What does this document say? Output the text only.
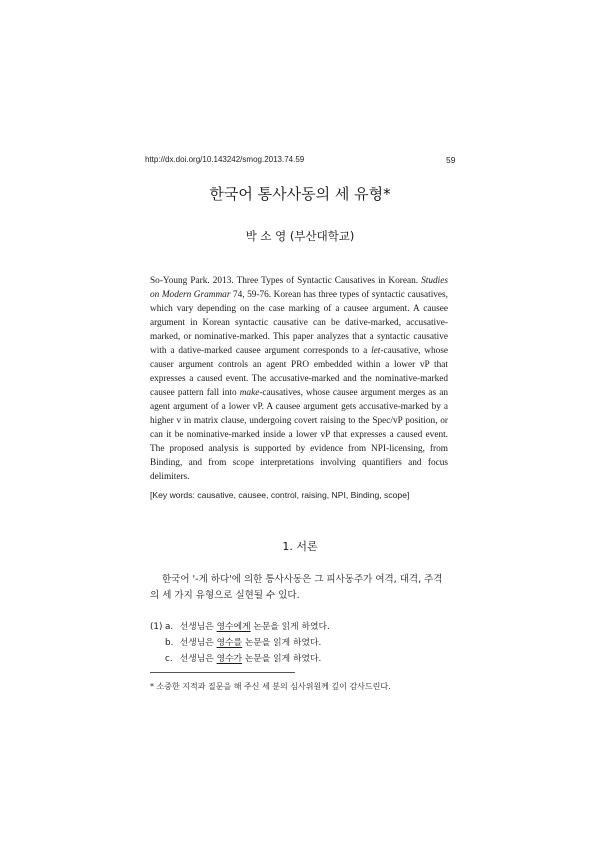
http://dx.doi.org/10.143242/smog.2013.74.59	59
한국어 통사사동의 세 유형*
박 소 영 (부산대학교)
So-Young Park. 2013. Three Types of Syntactic Causatives in Korean. Studies on Modern Grammar 74, 59-76. Korean has three types of syntactic causatives, which vary depending on the case marking of a causee argument. A causee argument in Korean syntactic causative can be dative-marked, accusative-marked, or nominative-marked. This paper analyzes that a syntactic causative with a dative-marked causee argument corresponds to a let-causative, whose causer argument controls an agent PRO embedded within a lower vP that expresses a caused event. The accusative-marked and the nominative-marked causee pattern fall into make-causatives, whose causee argument merges as an agent argument of a lower vP. A causee argument gets accusative-marked by a higher v in matrix clause, undergoing covert raising to the Spec/vP position, or can it be nominative-marked inside a lower vP that expresses a caused event. The proposed analysis is supported by evidence from NPI-licensing, from Binding, and from scope interpretations involving quantifiers and focus delimiters.
[Key words: causative, causee, control, raising, NPI, Binding, scope]
1. 서론
한국어 '-게 하다'에 의한 통사사동은 그 피사동주가 여격, 대격, 주격의 세 가지 유형으로 실현될 수 있다.
(1) a. 선생님은 영수에게 논문을 읽게 하였다.
b. 선생님은 영수를 논문을 읽게 하였다.
c. 선생님은 영수가 논문을 읽게 하였다.
* 소중한 지적과 질문을 해 주신 세 분의 심사위원께 깊이 감사드린다.
